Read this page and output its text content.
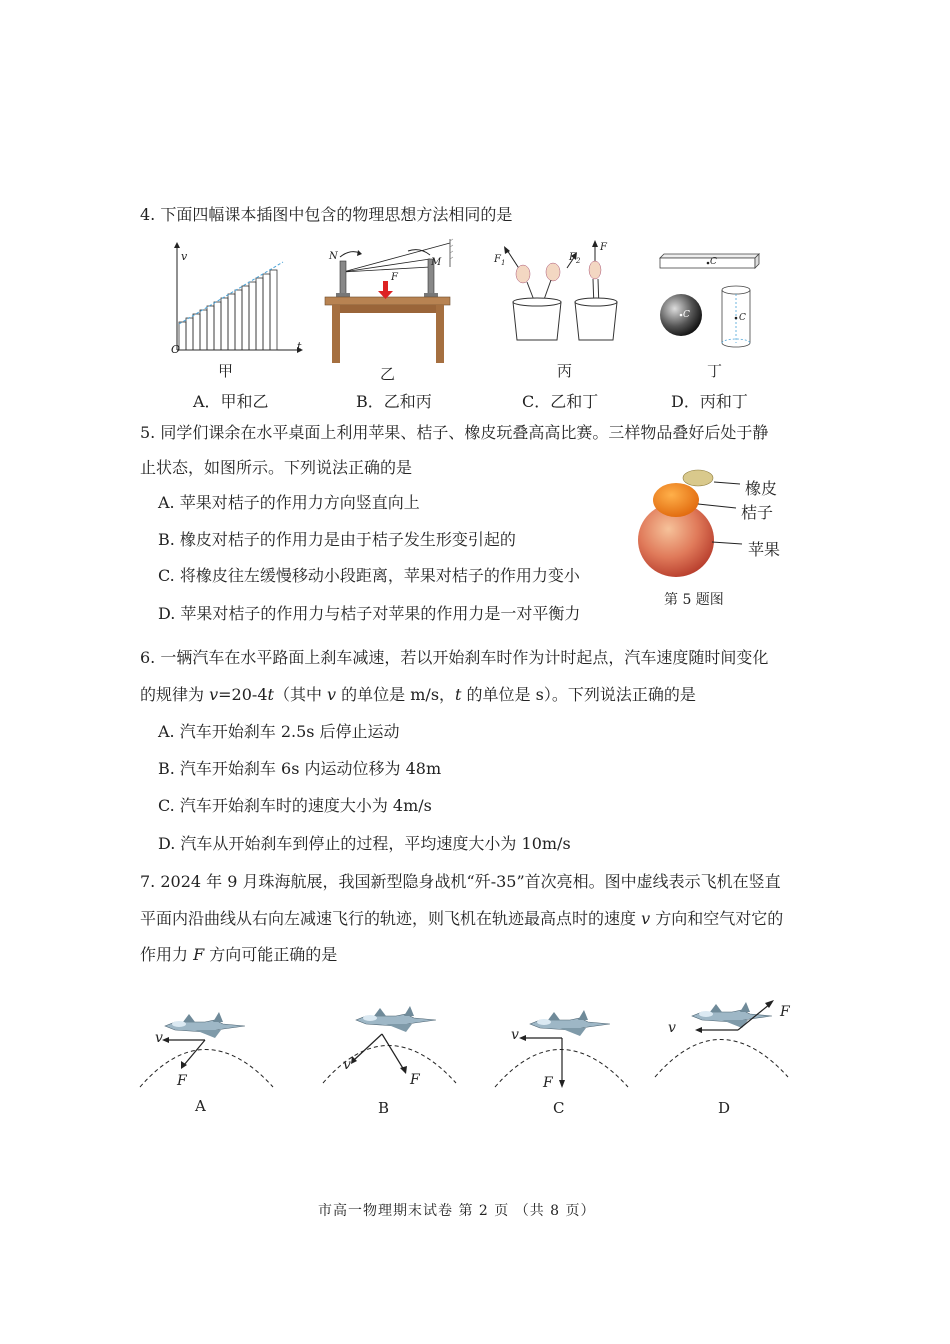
4. 下面四幅课本插图中包含的物理思想方法相同的是
v
t
O
甲
N
M
F
乙
$F_1$	$F_2$
F
丙
C
C	C
丁
A．甲和乙	B．乙和丙	C．乙和丁	D．丙和丁
5. 同学们课余在水平桌面上利用苹果、桔子、橡皮玩叠高高比赛。三样物品叠好后处于静
止状态，如图所示。下列说法正确的是
A. 苹果对桔子的作用力方向竖直向上
B. 橡皮对桔子的作用力是由于桔子发生形变引起的
C. 将橡皮往左缓慢移动小段距离，苹果对桔子的作用力变小
D. 苹果对桔子的作用力与桔子对苹果的作用力是一对平衡力
橡皮
桔子
苹果
第 5 题图
6. 一辆汽车在水平路面上刹车减速，若以开始刹车时作为计时起点，汽车速度随时间变化
的规律为 v=20-4t（其中 v 的单位是 m/s，t 的单位是 s）。下列说法正确的是
A. 汽车开始刹车 2.5s 后停止运动
B. 汽车开始刹车 6s 内运动位移为 48m
C. 汽车开始刹车时的速度大小为 4m/s
D. 汽车从开始刹车到停止的过程，平均速度大小为 10m/s
7. 2024 年 9 月珠海航展，我国新型隐身战机“歼-35”首次亮相。图中虚线表示飞机在竖直
平面内沿曲线从右向左减速飞行的轨迹，则飞机在轨迹最高点时的速度 v 方向和空气对它的
作用力 F 方向可能正确的是
v
F
A
v
F
B
v
F
C
v
F
D
市高一物理期末试卷 第 2 页 （共 8 页）
